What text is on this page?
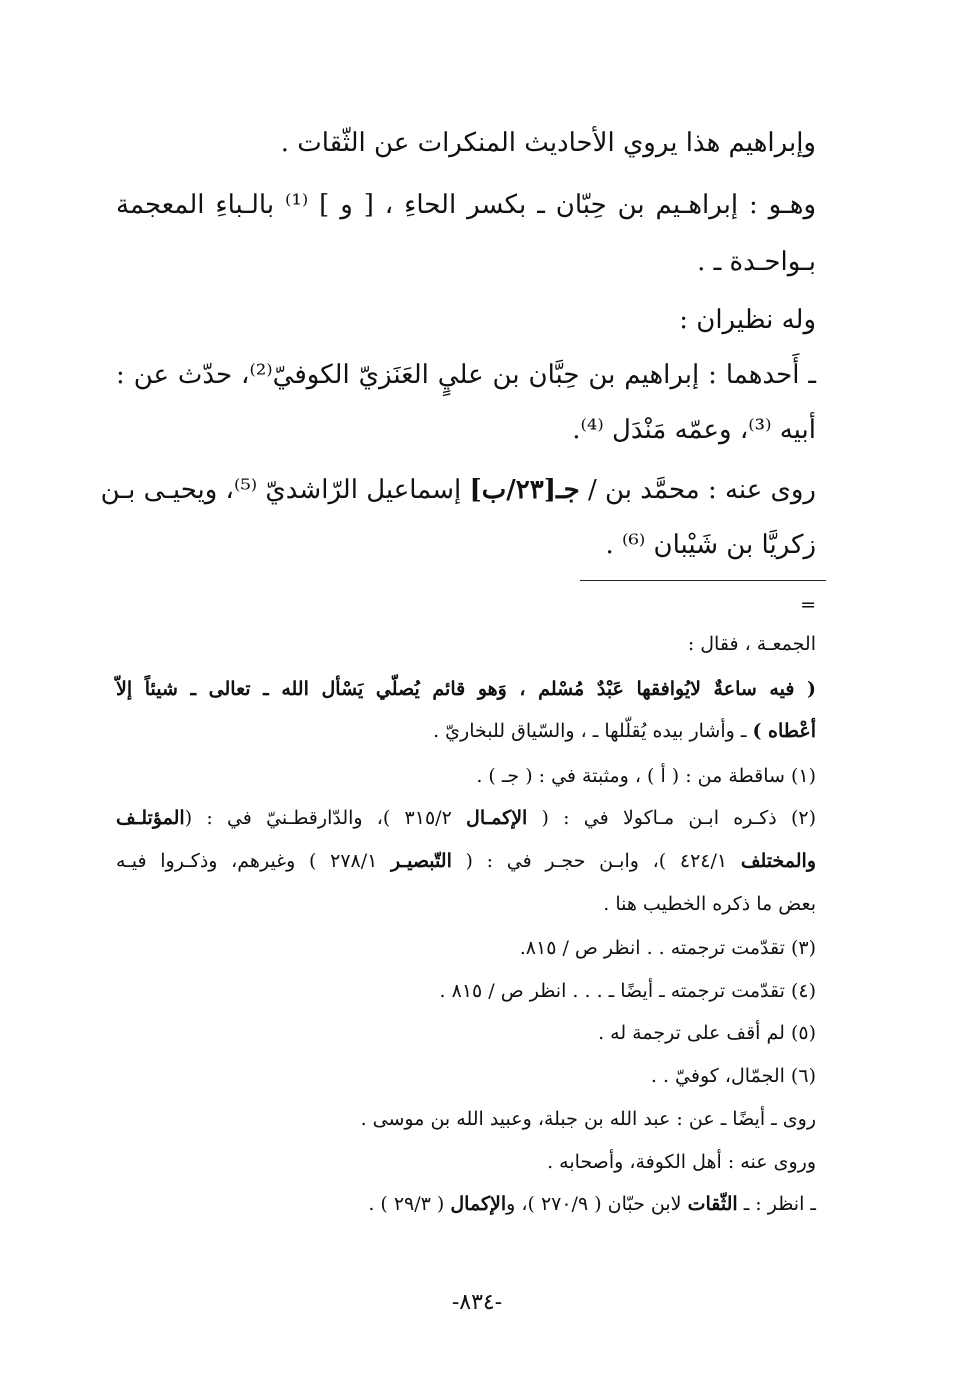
وإبراهيم هذا يروي الأحاديث المنكرات عن الثّقات .
وهـو : إبراهـيم بن حِبّان ـ بكسر الحاءِ ، [ و ] ⁽¹⁾ بالـباءِ المعجمة
بـواحـدة ـ .
وله نظيران :
ـ أَحدهما : إبراهيم بن حِبَّان بن عليٍ العَنَزيّ الكوفيّ⁽²⁾، حدّث عن :
أبيه ⁽³⁾، وعمّه مَنْدَل ⁽⁴⁾.
روى عنه : محمَّد بن / جـ[٢٣/ب] إسماعيل الرّاشديّ ⁽⁵⁾، ويحيـى بـن
زكريَّا بن شَيْبان ⁽⁶⁾ .
=
الجمعـة ، فقال :
( فيه ساعةٌ لايُوافقها عَبْدٌ مُسْلم ، وَهو قائم يُصلّي يَسْأل الله ـ تعالى ـ شيئاً إلاّ
أعْطاه ) ـ وأشار بيده يُقلّلها ـ ، والسّياق للبخاريّ .
(١) ساقطة من : ( أ ) ، ومثبتة في : ( جـ ) .
(٢) ذكـره ابـن مـاكولا في : ( الإكمـال ٣١٥/٢ )، والدّارقطـنيّ في : (المؤتلـف
والمختلف ٤٢٤/١ )، وابـن حجـر في : ( التّبصيـر ٢٧٨/١ ) وغيرهم، وذكـروا فيـه
بعض ما ذكره الخطيب هنا .
(٣) تقدّمت ترجمته . . انظر ص / ٨١٥.
(٤) تقدّمت ترجمته ـ أيضًا ـ . . . انظر ص / ٨١٥ .
(٥) لم أقف على ترجمة له .
(٦) الجمّال، كوفيّ . .
روى ـ أيضًا ـ عن : عبد الله بن جبلة، وعبيد الله بن موسى .
وروى عنه : أهل الكوفة، وأصحابه .
ـ انظر : ـ الثّقات لابن حبّان ( ٢٧٠/٩ )، والإكمال ( ٢٩/٣ ) .
-٨٣٤-
